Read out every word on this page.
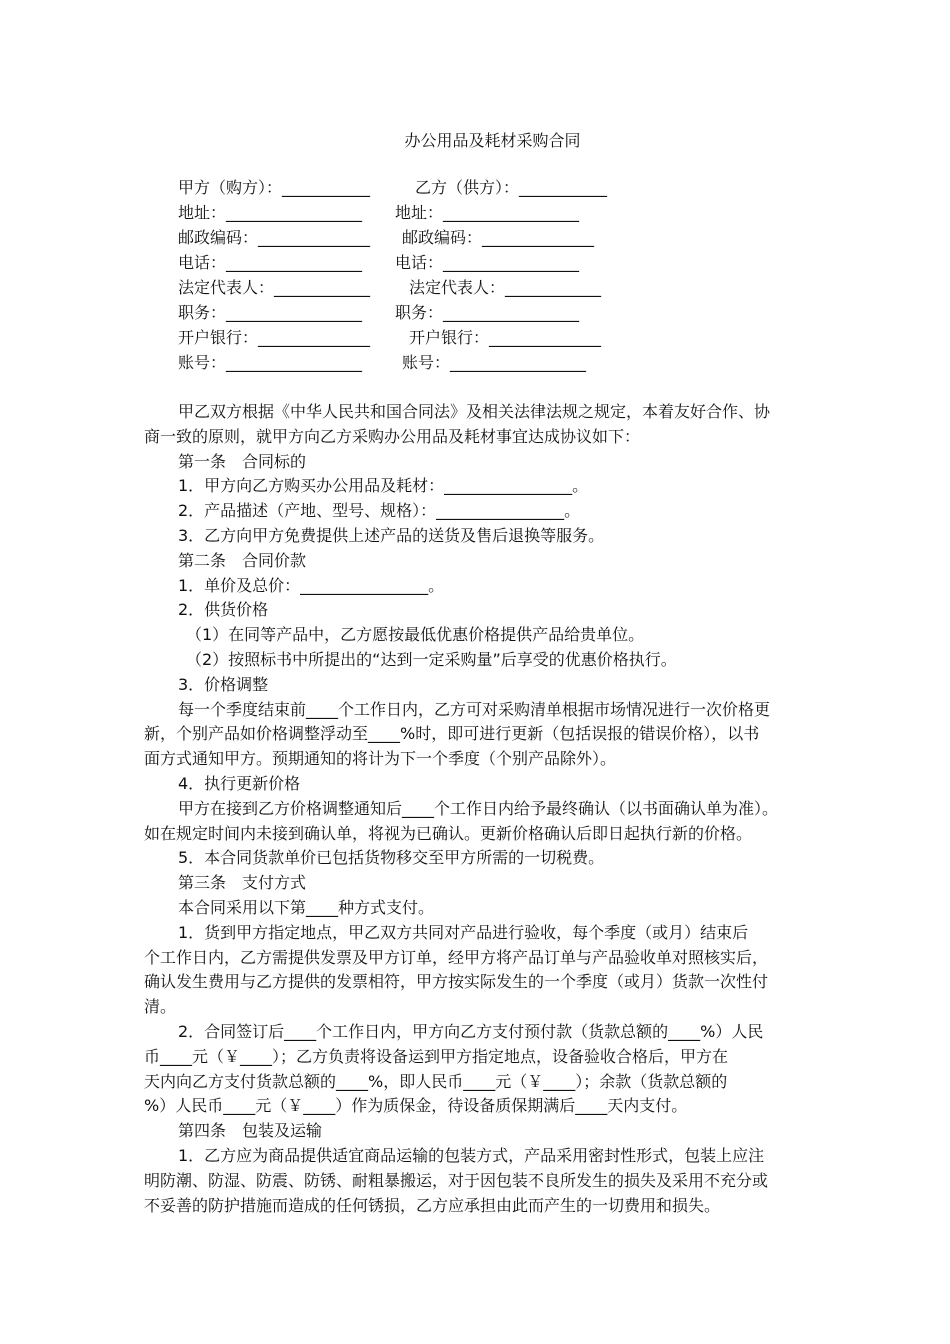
办公用品及耗材采购合同
甲方（购方）：___________	乙方（供方）：___________
地址：_________________ 地址：_________________
邮政编码：______________ 邮政编码：______________
电话：_________________ 电话：_________________
法定代表人：____________ 法定代表人：____________
职务：_________________ 职务：_________________
开户银行：______________ 开户银行：______________
账号：_________________ 账号：_________________

甲乙双方根据《中华人民共和国合同法》及相关法律法规之规定，本着友好合作、协

商一致的原则，就甲方向乙方采购办公用品及耗材事宜达成协议如下：

第一条　合同标的

1．甲方向乙方购买办公用品及耗材：________________。

2．产品描述（产地、型号、规格）：________________。

3．乙方向甲方免费提供上述产品的送货及售后退换等服务。

第二条　合同价款

1．单价及总价：________________。

2．供货价格

（1）在同等产品中，乙方愿按最低优惠价格提供产品给贵单位。

（2）按照标书中所提出的“达到一定采购量”后享受的优惠价格执行。

3．价格调整

每一个季度结束前____个工作日内，乙方可对采购清单根据市场情况进行一次价格更

新，个别产品如价格调整浮动至____%时，即可进行更新（包括误报的错误价格），以书

面方式通知甲方。预期通知的将计为下一个季度（个别产品除外）。

4．执行更新价格

甲方在接到乙方价格调整通知后____个工作日内给予最终确认（以书面确认单为准）。

如在规定时间内未接到确认单，将视为已确认。更新价格确认后即日起执行新的价格。

5．本合同货款单价已包括货物移交至甲方所需的一切税费。

第三条　支付方式

本合同采用以下第____种方式支付。

1．货到甲方指定地点，甲乙双方共同对产品进行验收，每个季度（或月）结束后

个工作日内，乙方需提供发票及甲方订单，经甲方将产品订单与产品验收单对照核实后，

确认发生费用与乙方提供的发票相符，甲方按实际发生的一个季度（或月）货款一次性付

清。

2．合同签订后____个工作日内，甲方向乙方支付预付款（货款总额的____%）人民

币____元（￥____）；乙方负责将设备运到甲方指定地点，设备验收合格后，甲方在

天内向乙方支付货款总额的____%，即人民币____元（￥____）；余款（货款总额的

%）人民币____元（￥____）作为质保金，待设备质保期满后____天内支付。

第四条　包装及运输

1．乙方应为商品提供适宜商品运输的包装方式，产品采用密封性形式，包装上应注

明防潮、防湿、防震、防锈、耐粗暴搬运，对于因包装不良所发生的损失及采用不充分或

不妥善的防护措施而造成的任何锈损，乙方应承担由此而产生的一切费用和损失。
